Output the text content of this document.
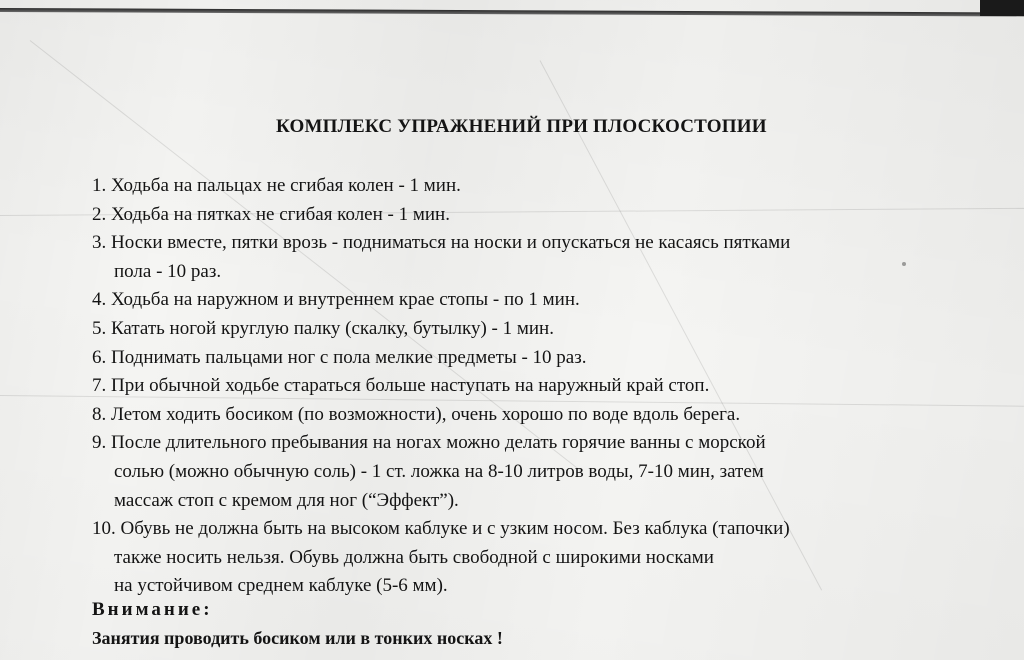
КОМПЛЕКС УПРАЖНЕНИЙ ПРИ ПЛОСКОСТОПИИ
1. Ходьба на пальцах не сгибая колен - 1 мин.
2. Ходьба на пятках не сгибая колен - 1 мин.
3. Носки вместе, пятки врозь - подниматься на носки и опускаться не касаясь пятками
пола - 10 раз.
4. Ходьба на наружном и внутреннем крае стопы - по 1 мин.
5. Катать ногой круглую палку (скалку, бутылку) - 1 мин.
6. Поднимать пальцами ног с пола мелкие предметы - 10 раз.
7. При обычной ходьбе стараться больше наступать на наружный край стоп.
8. Летом ходить босиком (по возможности), очень хорошо по воде вдоль берега.
9. После длительного пребывания на ногах можно делать горячие ванны с морской
солью (можно обычную соль) - 1 ст. ложка на 8-10 литров воды, 7-10 мин, затем
массаж стоп с кремом для ног (“Эффект”).
10. Обувь не должна быть на высоком каблуке и с узким носом. Без каблука (тапочки)
также носить нельзя. Обувь должна быть свободной с широкими носками
на устойчивом среднем каблуке (5-6 мм).
Внимание:
Занятия проводить босиком или в тонких носках !
